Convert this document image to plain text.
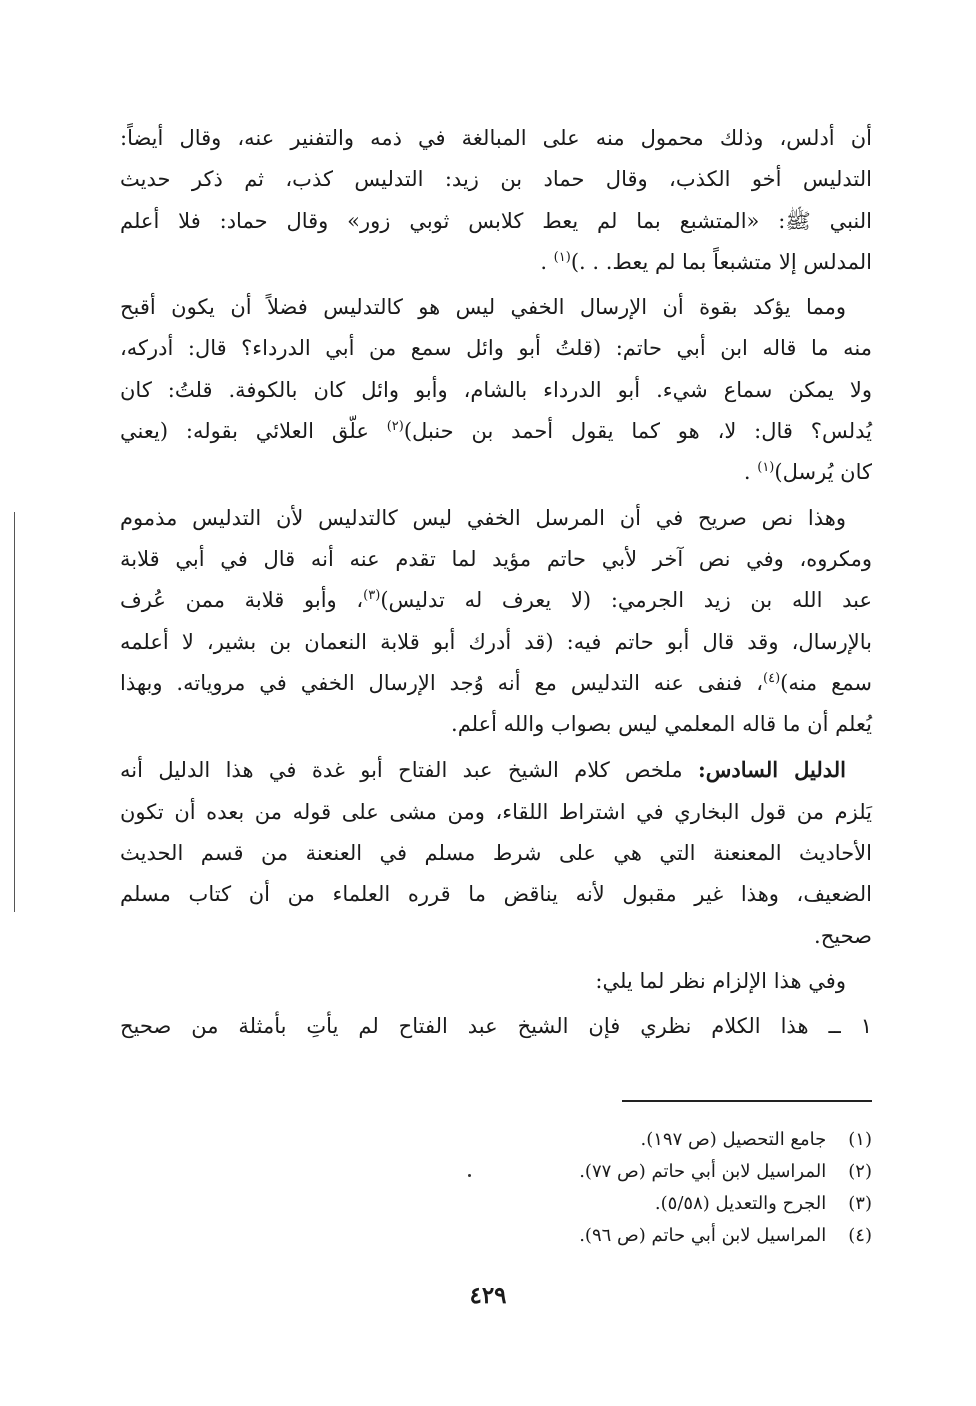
أن أدلس، وذلك محمول منه على المبالغة في ذمه والتفنير عنه، وقال أيضاً:
التدليس أخو الكذب، وقال حماد بن زيد: التدليس كذب، ثم ذكر حديث
النبي ﷺ: «المتشبع بما لم يعط كلابس ثوبي زور» وقال حماد: فلا أعلم
المدلس إلا متشبعاً بما لم يعط. . .)$^{(١)}$ .
ومما يؤكد بقوة أن الإرسال الخفي ليس هو كالتدليس فضلاً أن يكون أقبح
منه ما قاله ابن أبي حاتم: (قلتُ أبو وائل سمع من أبي الدرداء؟ قال: أدركه،
ولا يمكن سماع شيء. أبو الدرداء بالشام، وأبو وائل كان بالكوفة. قلتُ: كان
يُدلس؟ قال: لا، هو كما يقول أحمد بن حنبل)$^{(٢)}$ علّق العلائي بقوله: (يعني
كان يُرسل)$^{(١)}$ .
وهذا نص صريح في أن المرسل الخفي ليس كالتدليس لأن التدليس مذموم
ومكروه، وفي نص آخر لأبي حاتم مؤيد لما تقدم عنه أنه قال في أبي قلابة
عبد الله بن زيد الجرمي: (لا يعرف له تدليس)$^{(٣)}$، وأبو قلابة ممن عُرف
بالإرسال، وقد قال أبو حاتم فيه: (قد أدرك أبو قلابة النعمان بن بشير، لا أعلمه
سمع منه)$^{(٤)}$، فنفى عنه التدليس مع أنه وُجد الإرسال الخفي في مروياته. وبهذا
يُعلم أن ما قاله المعلمي ليس بصواب والله أعلم.
الدليل السادس: ملخص كلام الشيخ عبد الفتاح أبو غدة في هذا الدليل أنه
يَلزم من قول البخاري في اشتراط اللقاء، ومن مشى على قوله من بعده أن تكون
الأحاديث المعنعنة التي هي على شرط مسلم في العنعنة من قسم الحديث
الضعيف، وهذا غير مقبول لأنه يناقض ما قرره العلماء من أن كتاب مسلم
صحيح.
وفي هذا الإلزام نظر لما يلي:
١ ــ هذا الكلام نظري فإن الشيخ عبد الفتاح لم يأتِ بأمثلة من صحيح

(١) جامع التحصيل (ص ١٩٧).

(٢) المراسيل لابن أبي حاتم (ص ٧٧).

(٣) الجرح والتعديل (٥/٥٨).

(٤) المراسيل لابن أبي حاتم (ص ٩٦).

٤٢٩
